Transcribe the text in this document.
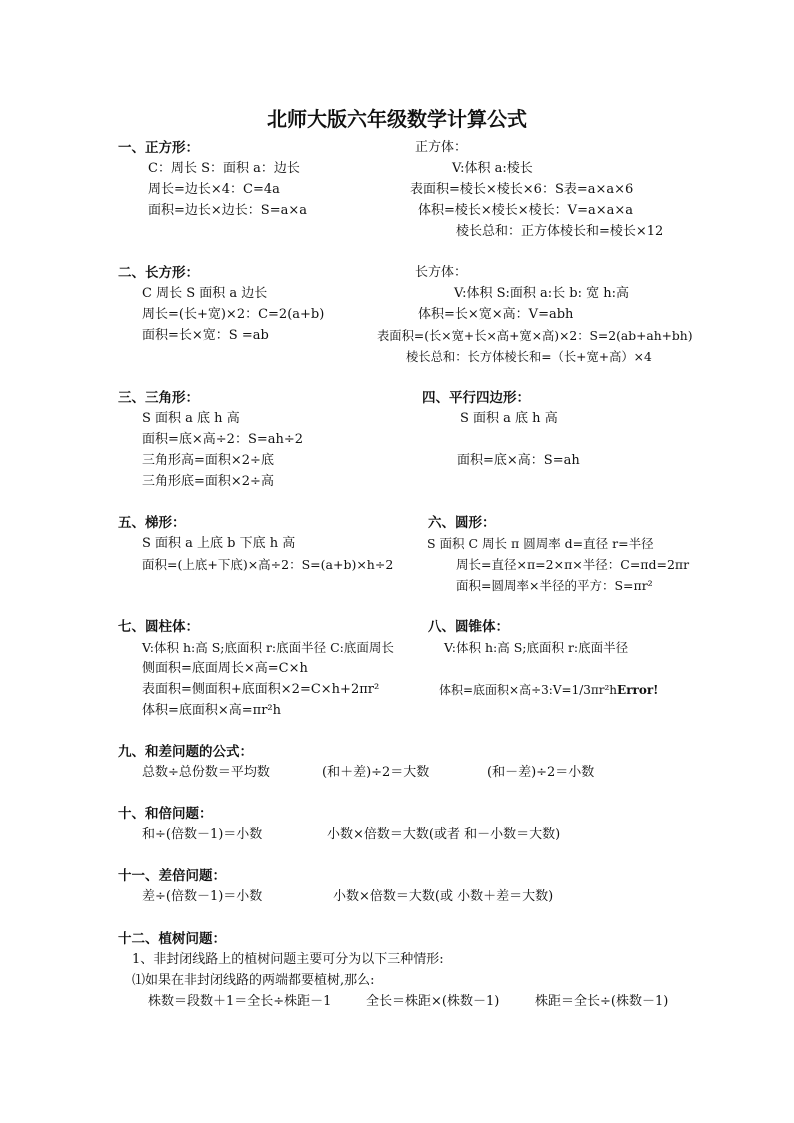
北师大版六年级数学计算公式
一、正方形：
C：周长 S：面积 a：边长
周长=边长×4：C=4a
面积=边长×边长：S=a×a
正方体：
V:体积 a:棱长
表面积=棱长×棱长×6：S表=a×a×6
体积=棱长×棱长×棱长：V=a×a×a
棱长总和：正方体棱长和=棱长×12
二、长方形：
C 周长 S 面积 a 边长
周长=(长+宽)×2：C=2(a+b)
面积=长×宽：S =ab
长方体：
V:体积 S:面积 a:长 b: 宽 h:高
体积=长×宽×高：V=abh
表面积=(长×宽+长×高+宽×高)×2：S=2(ab+ah+bh)
棱长总和：长方体棱长和=（长+宽+高）×4
三、三角形：
S 面积 a 底 h 高
面积=底×高÷2：S=ah÷2
三角形高=面积×2÷底
三角形底=面积×2÷高
四、平行四边形：
S 面积 a 底 h 高
面积=底×高：S=ah
五、梯形：
S 面积 a 上底 b 下底 h 高
面积=(上底+下底)×高÷2：S=(a+b)×h÷2
六、圆形：
S 面积 C 周长 π 圆周率 d=直径 r=半径
周长=直径×π=2×π×半径：C=πd=2πr
面积=圆周率×半径的平方：S=πr²
七、圆柱体：
V:体积 h:高 S;底面积 r:底面半径 C:底面周长
侧面积=底面周长×高=C×h
表面积=侧面积+底面积×2=C×h+2πr²
体积=底面积×高=πr²h
八、圆锥体：
V:体积 h:高 S;底面积 r:底面半径
体积=底面积×高÷3:V=1/3πr²hError!
九、和差问题的公式：
总数÷总份数＝平均数	(和＋差)÷2＝大数	(和－差)÷2＝小数
十、和倍问题：
和÷(倍数－1)＝小数	小数×倍数＝大数(或者 和－小数＝大数)
十一、差倍问题：
差÷(倍数－1)＝小数	小数×倍数＝大数(或 小数＋差＝大数)
十二、植树问题：
1、非封闭线路上的植树问题主要可分为以下三种情形:
⑴如果在非封闭线路的两端都要植树,那么:
株数＝段数＋1＝全长÷株距－1	全长＝株距×(株数－1)	株距＝全长÷(株数－1)
